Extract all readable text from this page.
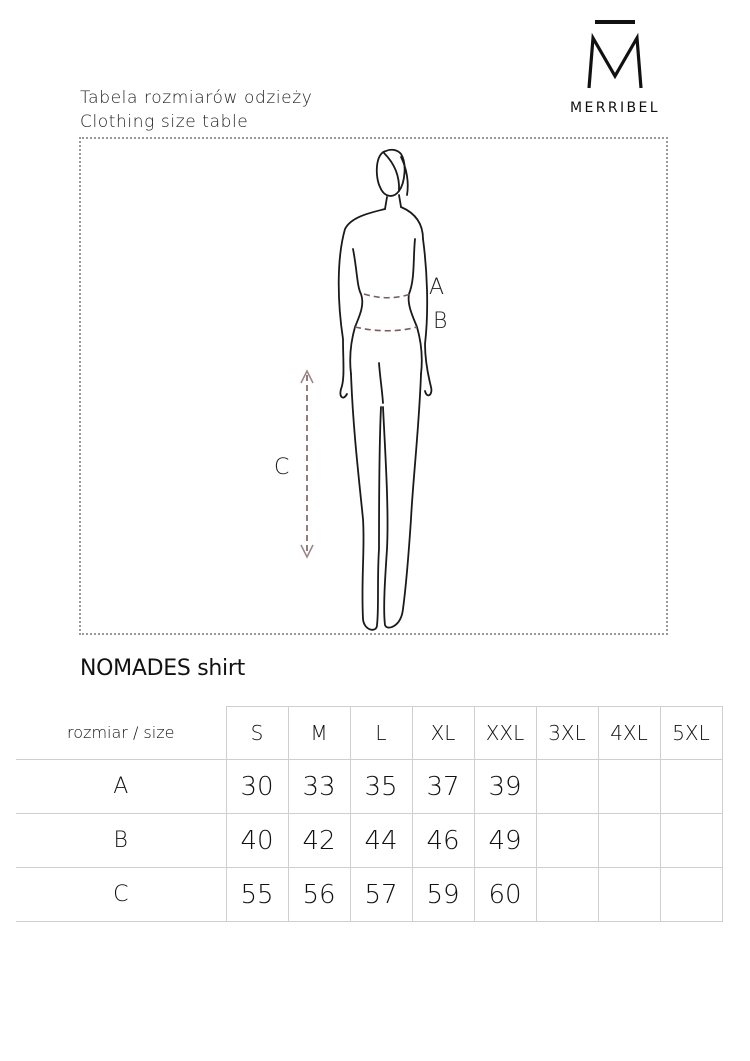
Tabela rozmiarów odzieży
Clothing size table
MERRIBEL
A
B
C
NOMADES shirt
rozmiar / size	S	M	L	XL	XXL	3XL	4XL	5XL
A	30	33	35	37	39			
B	40	42	44	46	49			
C	55	56	57	59	60			
